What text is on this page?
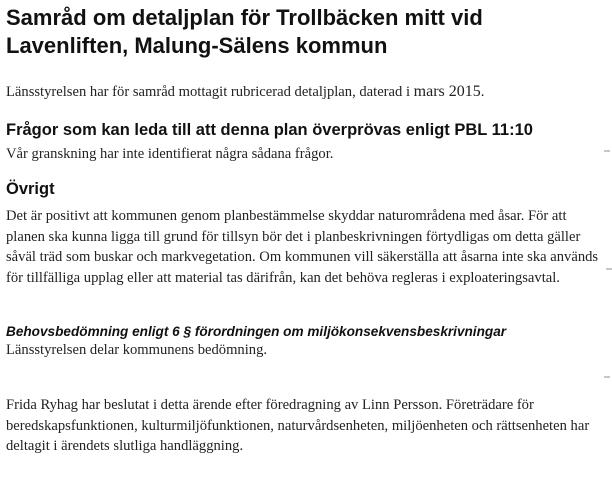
Samråd om detaljplan för Trollbäcken mitt vid Lavenliften, Malung-Sälens kommun

Länsstyrelsen har för samråd mottagit rubricerad detaljplan, daterad i mars 2015.

Frågor som kan leda till att denna plan överprövas enligt PBL 11:10

Vår granskning har inte identifierat några sådana frågor.

Övrigt

Det är positivt att kommunen genom planbestämmelse skyddar naturområdena med åsar. För att planen ska kunna ligga till grund för tillsyn bör det i planbeskrivningen förtydligas om detta gäller såväl träd som buskar och markvegetation. Om kommunen vill säkerställa att åsarna inte ska används för tillfälliga upplag eller att material tas därifrån, kan det behöva regleras i exploateringsavtal.

Behovsbedömning enligt 6 § förordningen om miljökonsekvensbeskrivningar

Länsstyrelsen delar kommunens bedömning.

Frida Ryhag har beslutat i detta ärende efter föredragning av Linn Persson. Företrädare för beredskapsfunktionen, kulturmiljöfunktionen, naturvårdsenheten, miljöenheten och rättsenheten har deltagit i ärendets slutliga handläggning.
